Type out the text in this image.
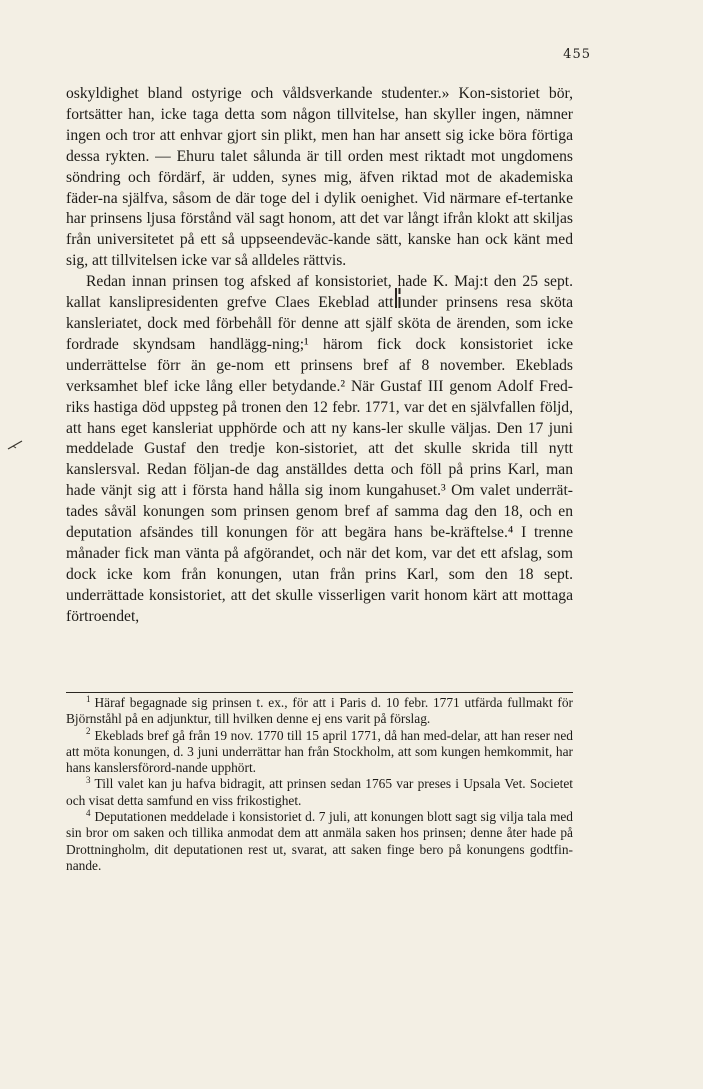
455

oskyldighet bland ostyrige och våldsverkande studenter.» Kon-sistoriet bör, fortsätter han, icke taga detta som någon tillvitelse, han skyller ingen, nämner ingen och tror att enhvar gjort sin plikt, men han har ansett sig icke böra förtiga dessa rykten. — Ehuru talet sålunda är till orden mest riktadt mot ungdomens söndring och fördärf, är udden, synes mig, äfven riktad mot de akademiska fäder-na själfva, såsom de där toge del i dylik oenighet. Vid närmare ef-tertanke har prinsens ljusa förstånd väl sagt honom, att det var långt ifrån klokt att skiljas från universitetet på ett så uppseendeväc-kande sätt, kanske han ock känt med sig, att tillvitelsen icke var så alldeles rättvis.

Redan innan prinsen tog afsked af konsistoriet, hade K. Maj:t den 25 sept. kallat kanslipresidenten grefve Claes Ekeblad att under prinsens resa sköta kansleriatet, dock med förbehåll för denne att själf sköta de ärenden, som icke fordrade skyndsam handlägg-ning;¹ härom fick dock konsistoriet icke underrättelse förr än ge-nom ett prinsens bref af 8 november. Ekeblads verksamhet blef icke lång eller betydande.² När Gustaf III genom Adolf Fred-riks hastiga död uppsteg på tronen den 12 febr. 1771, var det en självfallen följd, att hans eget kansleriat upphörde och att ny kans-ler skulle väljas. Den 17 juni meddelade Gustaf den tredje kon-sistoriet, att det skulle skrida till nytt kanslersval. Redan följan-de dag anställdes detta och föll på prins Karl, man hade vänjt sig att i första hand hålla sig inom kungahuset.³ Om valet underrät-tades såväl konungen som prinsen genom bref af samma dag den 18, och en deputation afsändes till konungen för att begära hans be-kräftelse.⁴ I trenne månader fick man vänta på afgörandet, och när det kom, var det ett afslag, som dock icke kom från konungen, utan från prins Karl, som den 18 sept. underrättade konsistoriet, att det skulle visserligen varit honom kärt att mottaga förtroendet,

$^1$ Häraf begagnade sig prinsen t. ex., för att i Paris d. 10 febr. 1771 utfärda fullmakt för Björnståhl på en adjunktur, till hvilken denne ej ens varit på förslag.

$^2$ Ekeblads bref gå från 19 nov. 1770 till 15 april 1771, då han med-delar, att han reser ned att möta konungen, d. 3 juni underrättar han från Stockholm, att som kungen hemkommit, har hans kanslersförord-nande upphört.

$^3$ Till valet kan ju hafva bidragit, att prinsen sedan 1765 var preses i Upsala Vet. Societet och visat detta samfund en viss frikostighet.

$^4$ Deputationen meddelade i konsistoriet d. 7 juli, att konungen blott sagt sig vilja tala med sin bror om saken och tillika anmodat dem att anmäla saken hos prinsen; denne åter hade på Drottningholm, dit deputationen rest ut, svarat, att saken finge bero på konungens godtfin-nande.
